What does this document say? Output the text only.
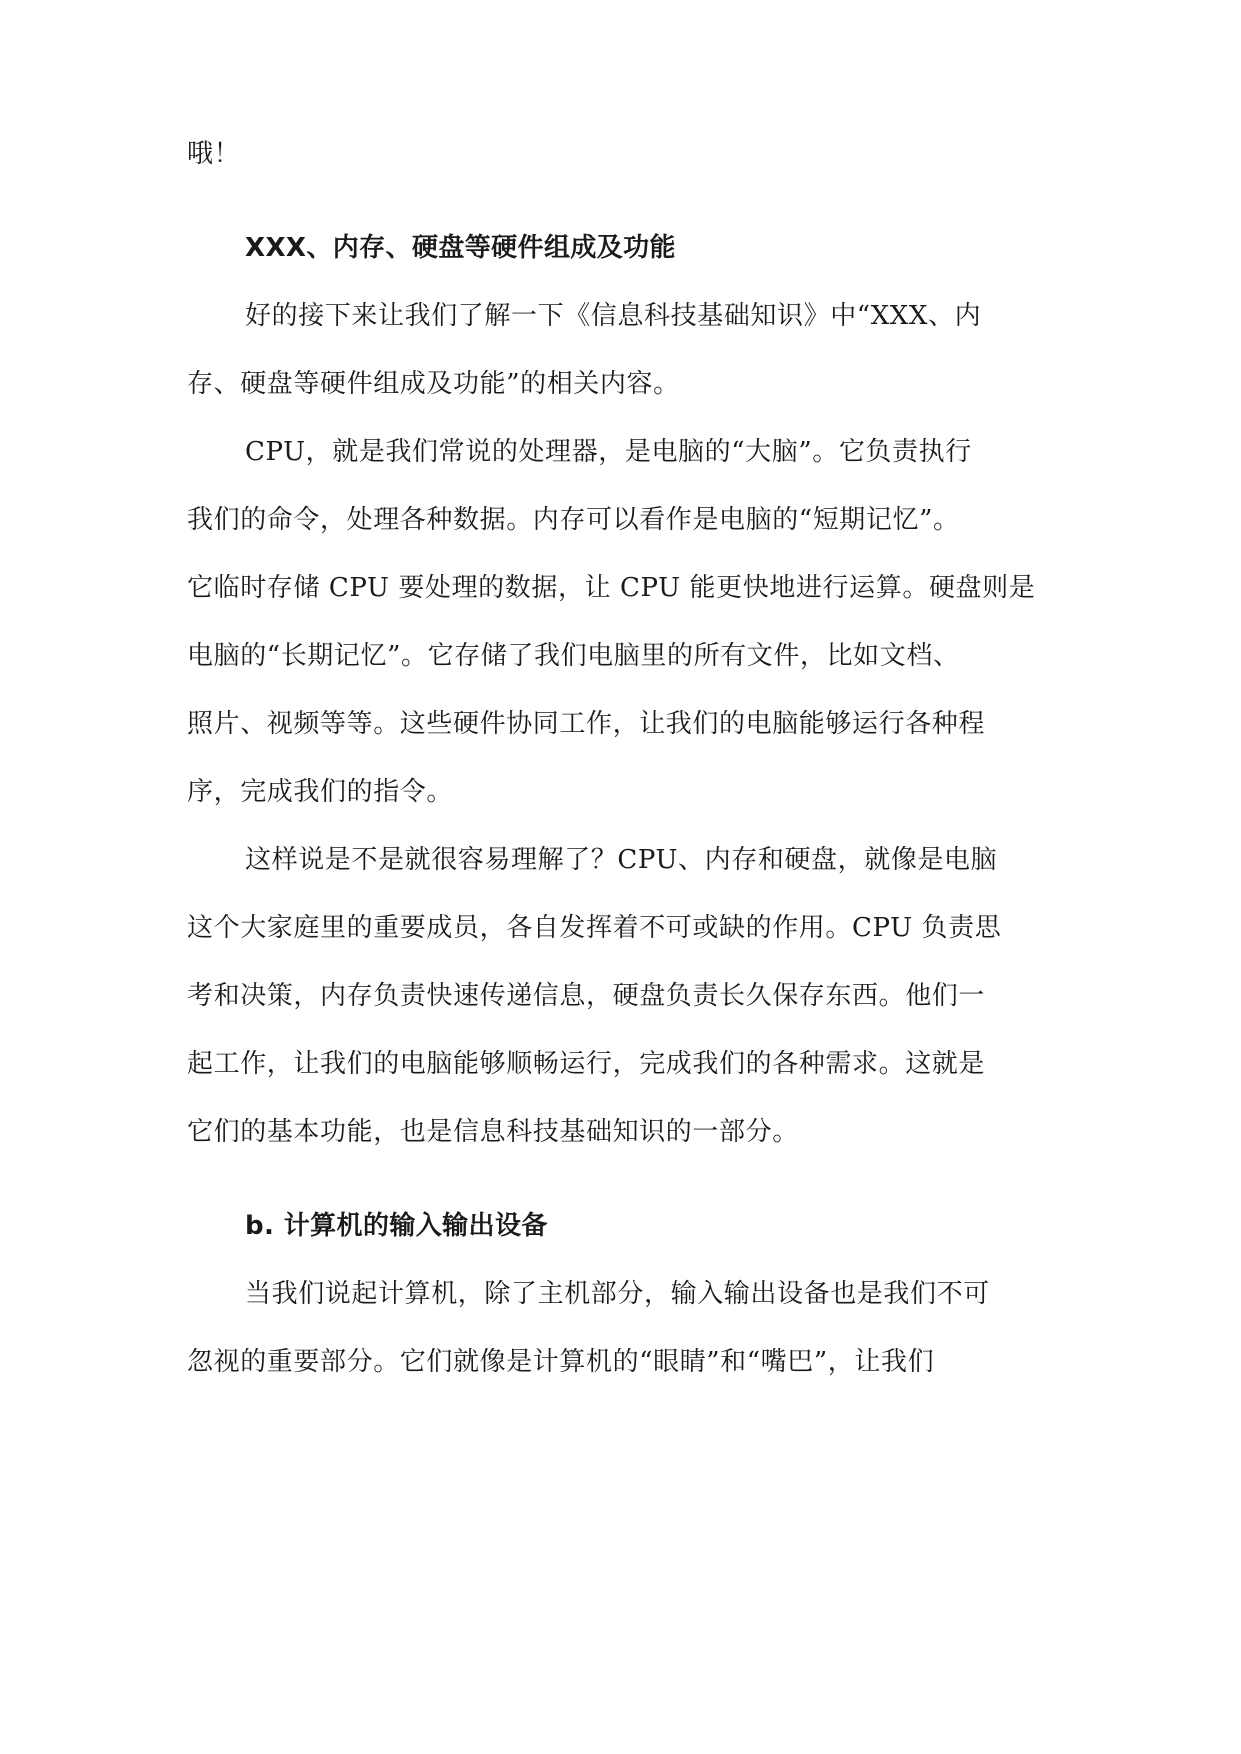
哦！
XXX、内存、硬盘等硬件组成及功能
好的接下来让我们了解一下《信息科技基础知识》中“XXX、内
存、硬盘等硬件组成及功能”的相关内容。
CPU，就是我们常说的处理器，是电脑的“大脑”。它负责执行
我们的命令，处理各种数据。内存可以看作是电脑的“短期记忆”。
它临时存储 CPU 要处理的数据，让 CPU 能更快地进行运算。硬盘则是
电脑的“长期记忆”。它存储了我们电脑里的所有文件，比如文档、
照片、视频等等。这些硬件协同工作，让我们的电脑能够运行各种程
序，完成我们的指令。
这样说是不是就很容易理解了？CPU、内存和硬盘，就像是电脑
这个大家庭里的重要成员，各自发挥着不可或缺的作用。CPU 负责思
考和决策，内存负责快速传递信息，硬盘负责长久保存东西。他们一
起工作，让我们的电脑能够顺畅运行，完成我们的各种需求。这就是
它们的基本功能，也是信息科技基础知识的一部分。
b. 计算机的输入输出设备
当我们说起计算机，除了主机部分，输入输出设备也是我们不可
忽视的重要部分。它们就像是计算机的“眼睛”和“嘴巴”，让我们
